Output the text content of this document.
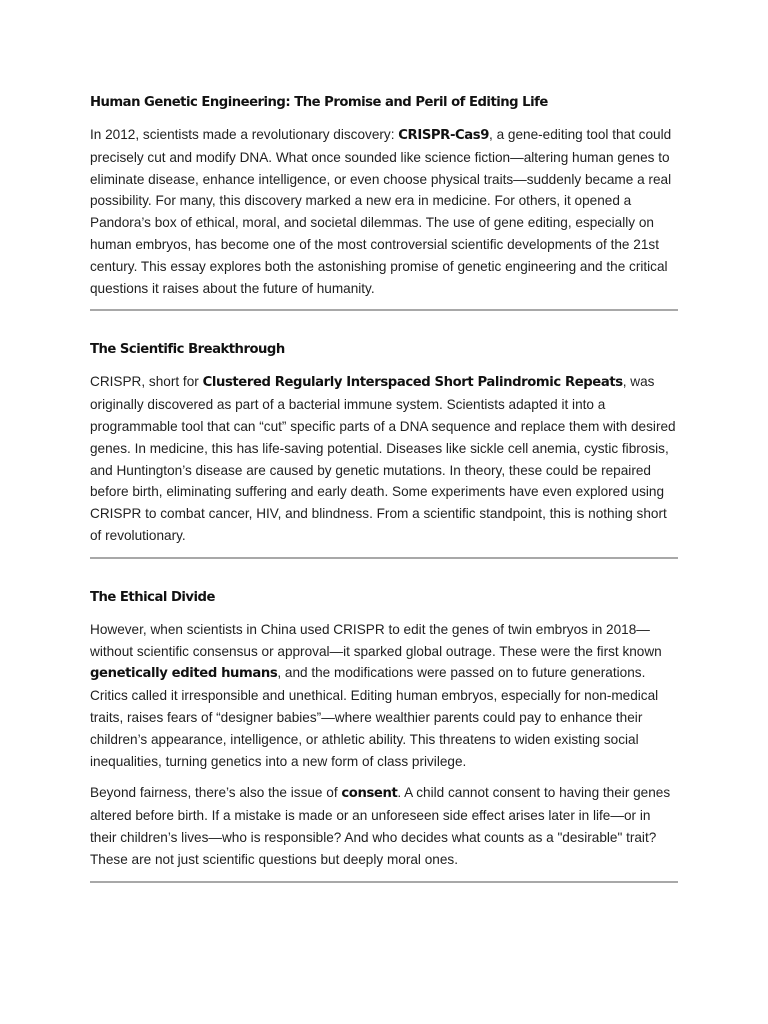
Human Genetic Engineering: The Promise and Peril of Editing Life

In 2012, scientists made a revolutionary discovery: CRISPR-Cas9, a gene-editing tool that could precisely cut and modify DNA. What once sounded like science fiction—altering human genes to eliminate disease, enhance intelligence, or even choose physical traits—suddenly became a real possibility. For many, this discovery marked a new era in medicine. For others, it opened a Pandora’s box of ethical, moral, and societal dilemmas. The use of gene editing, especially on human embryos, has become one of the most controversial scientific developments of the 21st century. This essay explores both the astonishing promise of genetic engineering and the critical questions it raises about the future of humanity.

The Scientific Breakthrough

CRISPR, short for Clustered Regularly Interspaced Short Palindromic Repeats, was originally discovered as part of a bacterial immune system. Scientists adapted it into a programmable tool that can “cut” specific parts of a DNA sequence and replace them with desired genes. In medicine, this has life-saving potential. Diseases like sickle cell anemia, cystic fibrosis, and Huntington’s disease are caused by genetic mutations. In theory, these could be repaired before birth, eliminating suffering and early death. Some experiments have even explored using CRISPR to combat cancer, HIV, and blindness. From a scientific standpoint, this is nothing short of revolutionary.

The Ethical Divide

However, when scientists in China used CRISPR to edit the genes of twin embryos in 2018—without scientific consensus or approval—it sparked global outrage. These were the first known genetically edited humans, and the modifications were passed on to future generations. Critics called it irresponsible and unethical. Editing human embryos, especially for non-medical traits, raises fears of “designer babies”—where wealthier parents could pay to enhance their children’s appearance, intelligence, or athletic ability. This threatens to widen existing social inequalities, turning genetics into a new form of class privilege.

Beyond fairness, there’s also the issue of consent. A child cannot consent to having their genes altered before birth. If a mistake is made or an unforeseen side effect arises later in life—or in their children’s lives—who is responsible? And who decides what counts as a "desirable" trait? These are not just scientific questions but deeply moral ones.
